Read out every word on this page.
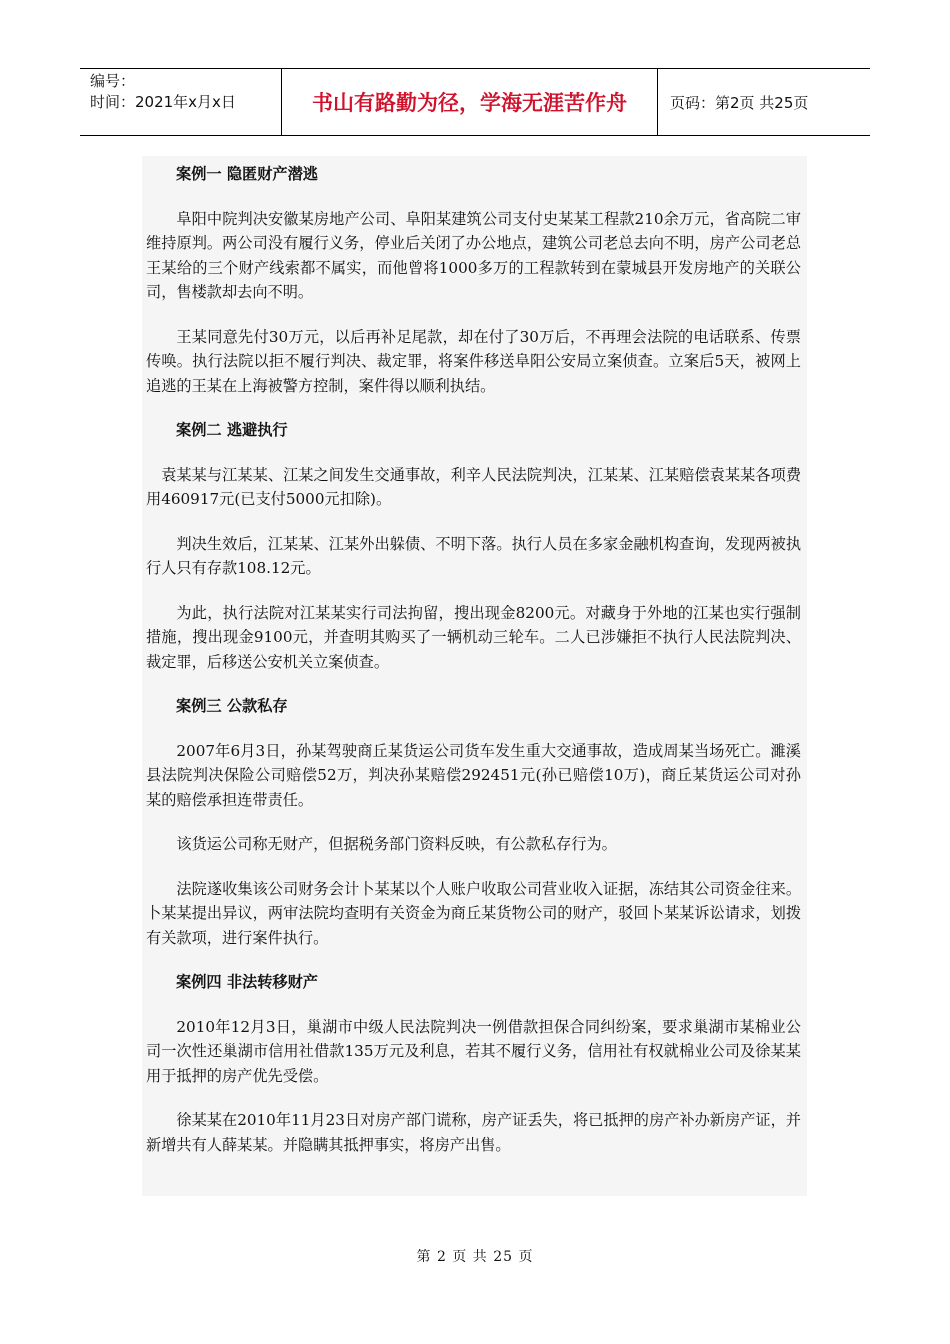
编号：
时间：2021年x月x日	书山有路勤为径，学海无涯苦作舟	页码：第2页 共25页
案例一 隐匿财产潜逃

阜阳中院判决安徽某房地产公司、阜阳某建筑公司支付史某某工程款210余万元，省高院二审维持原判。两公司没有履行义务，停业后关闭了办公地点，建筑公司老总去向不明，房产公司老总王某给的三个财产线索都不属实，而他曾将1000多万的工程款转到在蒙城县开发房地产的关联公司，售楼款却去向不明。

王某同意先付30万元，以后再补足尾款，却在付了30万后，不再理会法院的电话联系、传票传唤。执行法院以拒不履行判决、裁定罪，将案件移送阜阳公安局立案侦查。立案后5天，被网上追逃的王某在上海被警方控制，案件得以顺利执结。

案例二 逃避执行

袁某某与江某某、江某之间发生交通事故，利辛人民法院判决，江某某、江某赔偿袁某某各项费用460917元(已支付5000元扣除)。

判决生效后，江某某、江某外出躲债、不明下落。执行人员在多家金融机构查询，发现两被执行人只有存款108.12元。

为此，执行法院对江某某实行司法拘留，搜出现金8200元。对藏身于外地的江某也实行强制措施，搜出现金9100元，并查明其购买了一辆机动三轮车。二人已涉嫌拒不执行人民法院判决、裁定罪，后移送公安机关立案侦查。

案例三 公款私存

2007年6月3日，孙某驾驶商丘某货运公司货车发生重大交通事故，造成周某当场死亡。濉溪县法院判决保险公司赔偿52万，判决孙某赔偿292451元(孙已赔偿10万)，商丘某货运公司对孙某的赔偿承担连带责任。

该货运公司称无财产，但据税务部门资料反映，有公款私存行为。

法院遂收集该公司财务会计卜某某以个人账户收取公司营业收入证据，冻结其公司资金往来。卜某某提出异议，两审法院均查明有关资金为商丘某货物公司的财产，驳回卜某某诉讼请求，划拨有关款项，进行案件执行。

案例四 非法转移财产

2010年12月3日，巢湖市中级人民法院判决一例借款担保合同纠纷案，要求巢湖市某棉业公司一次性还巢湖市信用社借款135万元及利息，若其不履行义务，信用社有权就棉业公司及徐某某用于抵押的房产优先受偿。

徐某某在2010年11月23日对房产部门谎称，房产证丢失，将已抵押的房产补办新房产证，并新增共有人薛某某。并隐瞒其抵押事实，将房产出售。

第 2 页 共 25 页
